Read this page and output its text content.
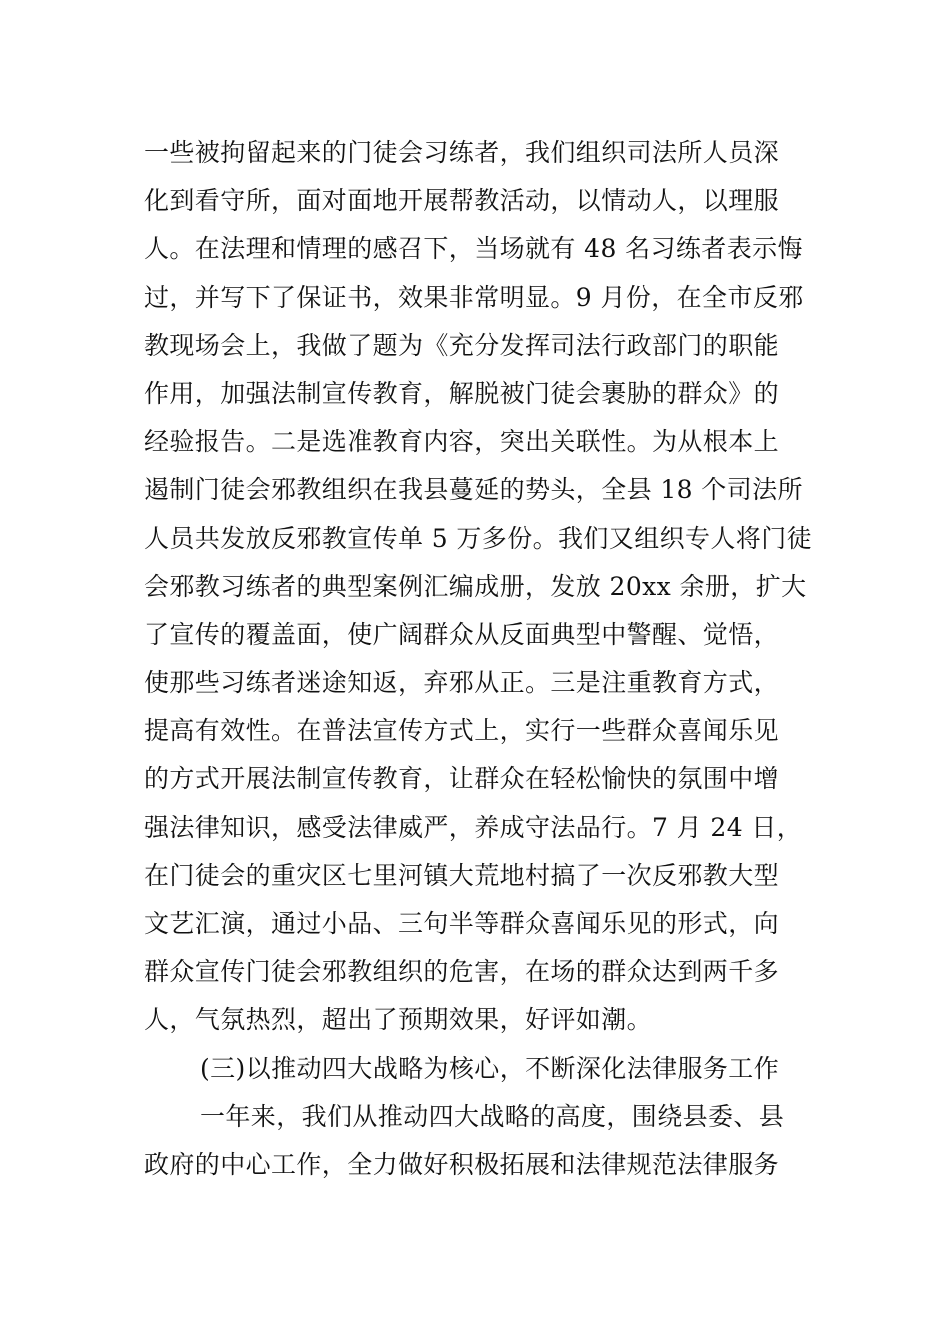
一些被拘留起来的门徒会习练者，我们组织司法所人员深
化到看守所，面对面地开展帮教活动，以情动人，以理服
人。在法理和情理的感召下，当场就有 48 名习练者表示悔
过，并写下了保证书，效果非常明显。9 月份，在全市反邪
教现场会上，我做了题为《充分发挥司法行政部门的职能
作用，加强法制宣传教育，解脱被门徒会裹胁的群众》的
经验报告。二是选准教育内容，突出关联性。为从根本上
遏制门徒会邪教组织在我县蔓延的势头，全县 18 个司法所
人员共发放反邪教宣传单 5 万多份。我们又组织专人将门徒
会邪教习练者的典型案例汇编成册，发放 20xx 余册，扩大
了宣传的覆盖面，使广阔群众从反面典型中警醒、觉悟，
使那些习练者迷途知返，弃邪从正。三是注重教育方式，
提高有效性。在普法宣传方式上，实行一些群众喜闻乐见
的方式开展法制宣传教育，让群众在轻松愉快的氛围中增
强法律知识，感受法律威严，养成守法品行。7 月 24 日，
在门徒会的重灾区七里河镇大荒地村搞了一次反邪教大型
文艺汇演，通过小品、三句半等群众喜闻乐见的形式，向
群众宣传门徒会邪教组织的危害，在场的群众达到两千多
人，气氛热烈，超出了预期效果，好评如潮。
(三)以推动四大战略为核心，不断深化法律服务工作
一年来，我们从推动四大战略的高度，围绕县委、县
政府的中心工作，全力做好积极拓展和法律规范法律服务
